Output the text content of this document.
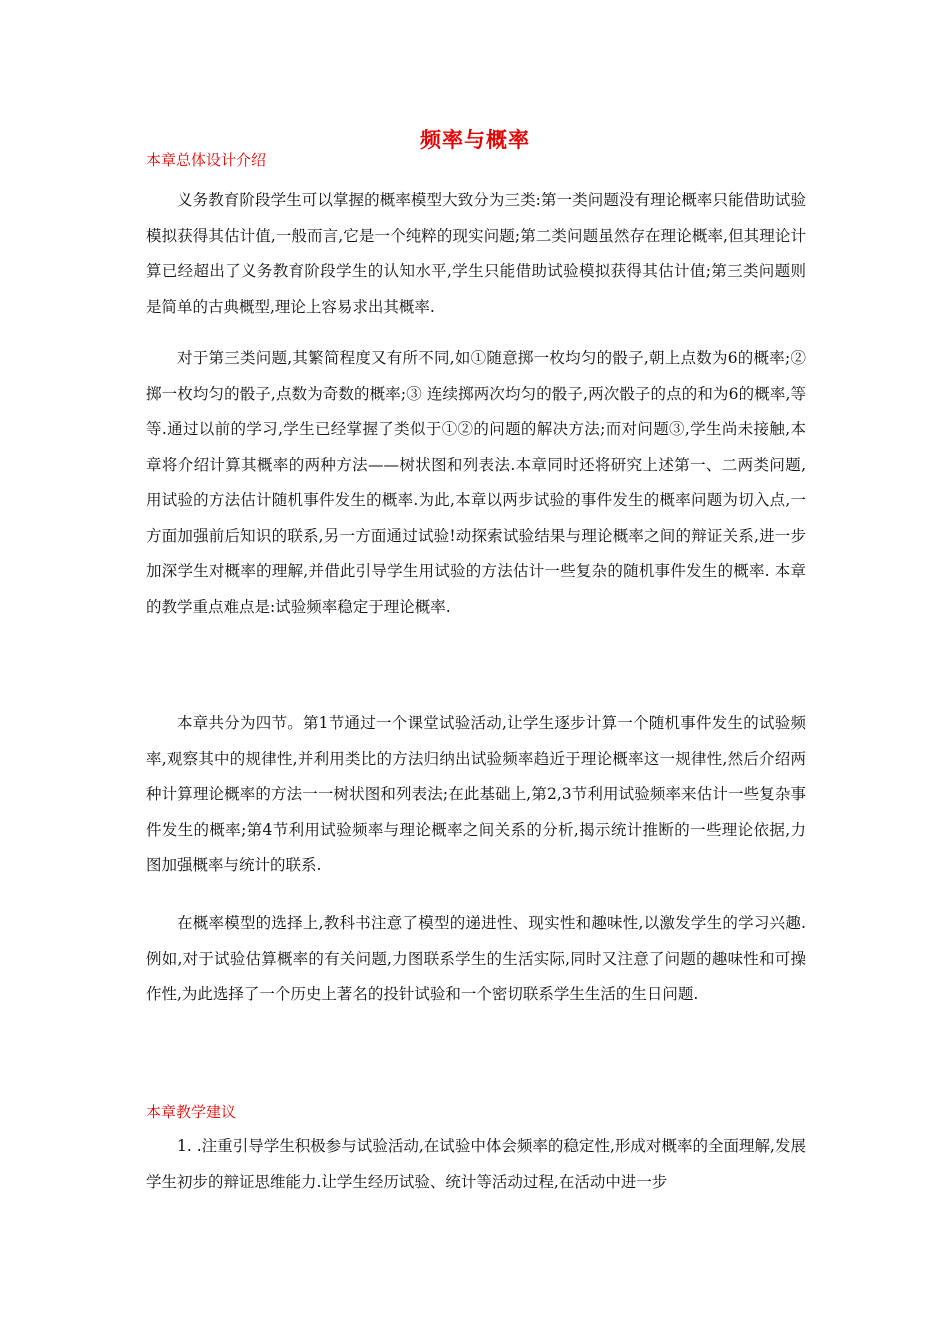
频率与概率
本章总体设计介绍

义务教育阶段学生可以掌握的概率模型大致分为三类:第一类问题没有理论概率只能借助试验模拟获得其估计值,一般而言,它是一个纯粹的现实问题;第二类问题虽然存在理论概率,但其理论计算已经超出了义务教育阶段学生的认知水平,学生只能借助试验模拟获得其估计值;第三类问题则是简单的古典概型,理论上容易求出其概率.

对于第三类问题,其繁简程度又有所不同,如①随意掷一枚均匀的骰子,朝上点数为6的概率;② 掷一枚均匀的骰子,点数为奇数的概率;③ 连续掷两次均匀的骰子,两次骰子的点的和为6的概率,等等.通过以前的学习,学生已经掌握了类似于①②的问题的解决方法;而对问题③,学生尚未接触,本章将介绍计算其概率的两种方法——树状图和列表法.本章同时还将研究上述第一、二两类问题,用试验的方法估计随机事件发生的概率.为此,本章以两步试验的事件发生的概率问题为切入点,一方面加强前后知识的联系,另一方面通过试验!动探索试验结果与理论概率之间的辩证关系,进一步加深学生对概率的理解,并借此引导学生用试验的方法估计一些复杂的随机事件发生的概率. 本章的教学重点难点是:试验频率稳定于理论概率.

本章共分为四节。第1节通过一个课堂试验活动,让学生逐步计算一个随机事件发生的试验频率,观察其中的规律性,并利用类比的方法归纳出试验频率趋近于理论概率这一规律性,然后介绍两种计算理论概率的方法一一树状图和列表法;在此基础上,第2,3节利用试验频率来估计一些复杂事件发生的概率;第4节利用试验频率与理论概率之间关系的分析,揭示统计推断的一些理论依据,力图加强概率与统计的联系.

在概率模型的选择上,教科书注意了模型的递进性、现实性和趣味性,以激发学生的学习兴趣.例如,对于试验估算概率的有关问题,力图联系学生的生活实际,同时又注意了问题的趣味性和可操作性,为此选择了一个历史上著名的投针试验和一个密切联系学生生活的生日问题.

本章教学建议

1. .注重引导学生积极参与试验活动,在试验中体会频率的稳定性,形成对概率的全面理解,发展学生初步的辩证思维能力.让学生经历试验、统计等活动过程,在活动中进一步
